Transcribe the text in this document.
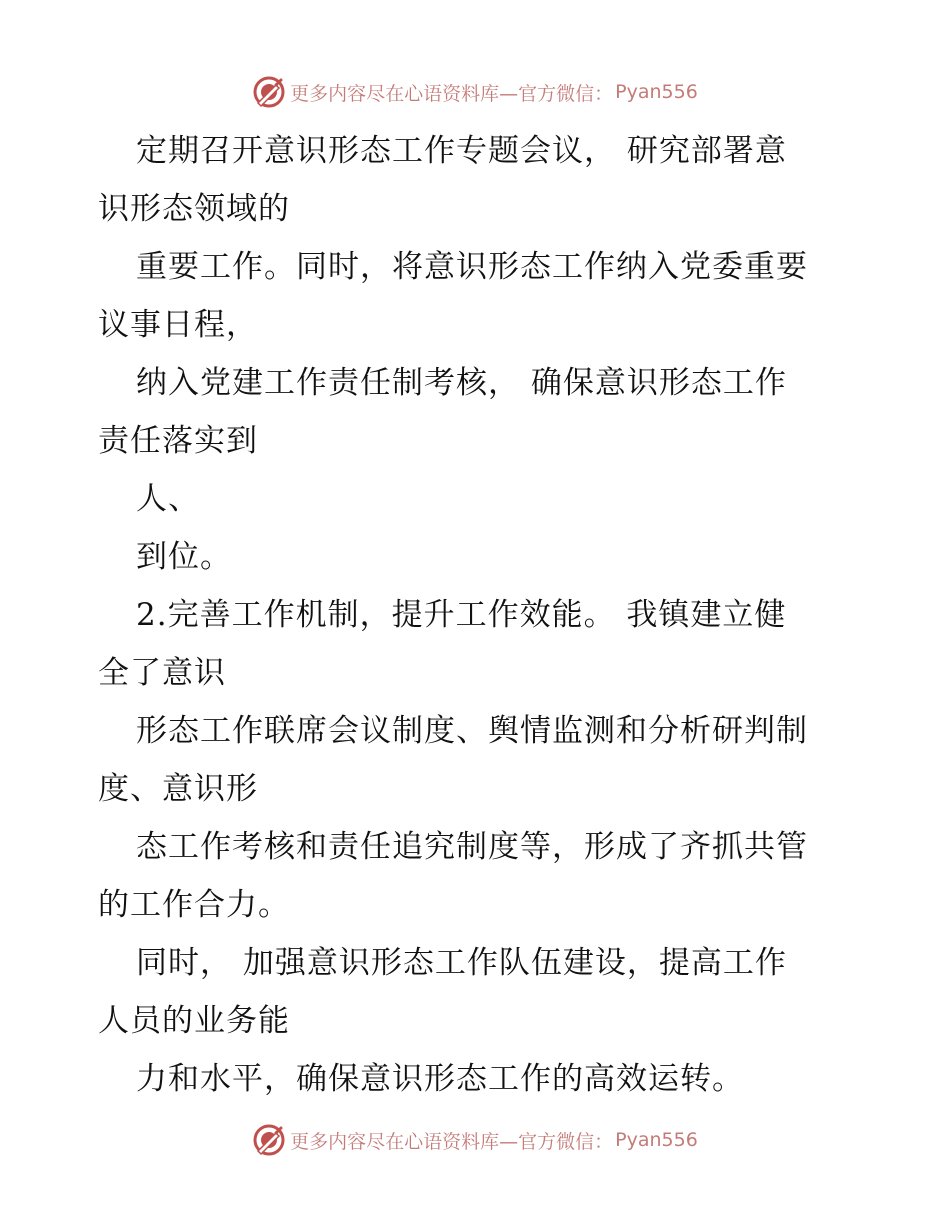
更多内容尽在心语资料库—官方微信： Pyan556
定期召开意识形态工作专题会议， 研究部署意
识形态领域的
重要工作。同时，将意识形态工作纳入党委重要
议事日程，
纳入党建工作责任制考核， 确保意识形态工作
责任落实到
人、
到位。
2.完善工作机制，提升工作效能。 我镇建立健
全了意识
形态工作联席会议制度、舆情监测和分析研判制
度、意识形
态工作考核和责任追究制度等，形成了齐抓共管
的工作合力。
同时， 加强意识形态工作队伍建设，提高工作
人员的业务能
力和水平，确保意识形态工作的高效运转。
更多内容尽在心语资料库—官方微信： Pyan556
